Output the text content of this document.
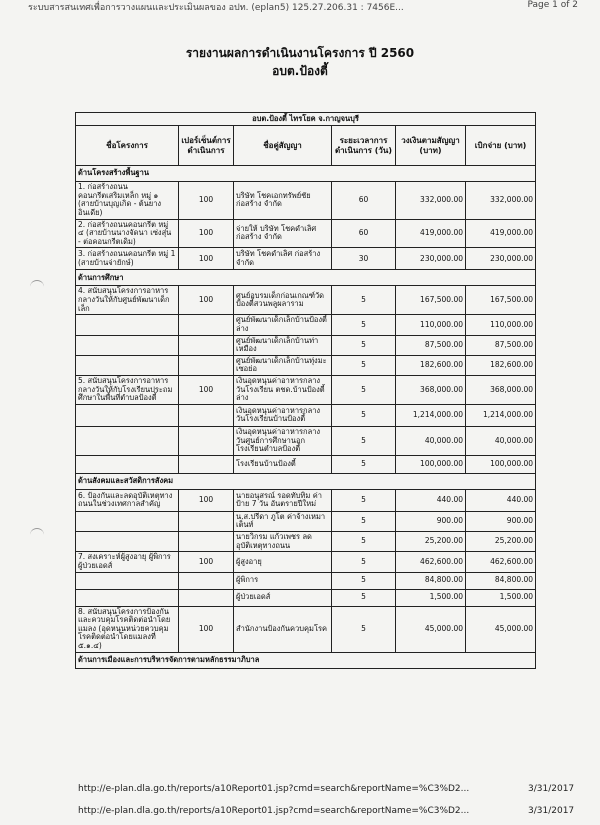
ระบบสารสนเทศเพื่อการวางแผนและประเมินผลของ อปท. (eplan5) 125.27.206.31 : 7456E...	Page 1 of 2
รายงานผลการดำเนินงานโครงการ ปี 2560
อบต.ป้องตี้
อบต.ป้องตี้ ไทรโยค จ.กาญจนบุรี					
ชื่อโครงการ	เปอร์เซ็นต์การดำเนินการ	ชื่อคู่สัญญา	ระยะเวลาการดำเนินการ (วัน)	วงเงินตามสัญญา (บาท)	เบิกจ่าย (บาท)
ด้านโครงสร้างพื้นฐาน					
1. ก่อสร้างถนนคอนกรีตเสริมเหล็ก หมู่ ๑ (สายบ้านบุญเกิด - ต้นยางอินเดีย)	100	บริษัท โชคเอกทรัพย์ชัยก่อสร้าง จำกัด	60	332,000.00	332,000.00
2. ก่อสร้างถนนคอนกรีต หมู่ ๔ (สายบ้านนางจัดนา เซ่งสุ่น - ต่อคอนกรีตเดิม)	100	จ่ายให้ บริษัท โชคดำเลิศ ก่อสร้าง จำกัด	60	419,000.00	419,000.00
3. ก่อสร้างถนนคอนกรีต หมู่ 1 (สายบ้านจ่ายักษ์)	100	บริษัท โชคดำเลิศ ก่อสร้าง จำกัด	30	230,000.00	230,000.00
ด้านการศึกษา					
4. สนับสนุนโครงการอาหารกลางวันให้กับศูนย์พัฒนาเด็กเล็ก	100	ศูนย์อบรมเด็กก่อนเกณฑ์วัดป้องตี้สวนพลูผลาราม	5	167,500.00	167,500.00
		ศูนย์พัฒนาเด็กเล็กบ้านป้องตี้ล่าง	5	110,000.00	110,000.00
		ศูนย์พัฒนาเด็กเล็กบ้านท่าเหมือง	5	87,500.00	87,500.00
		ศูนย์พัฒนาเด็กเล็กบ้านทุ่งมะเซอย่อ	5	182,600.00	182,600.00
5. สนับสนุนโครงการอาหารกลางวันให้กับโรงเรียนประถมศึกษาในพื้นที่ตำบลป้องตี้	100	เงินอุดหนุนค่าอาหารกลางวันโรงเรียน ตชด.บ้านป้องตี้ล่าง	5	368,000.00	368,000.00
		เงินอุดหนุนค่าอาหารกลางวันโรงเรียนบ้านป้องตี้	5	1,214,000.00	1,214,000.00
		เงินอุดหนุนค่าอาหารกลางวันศูนย์การศึกษานอกโรงเรียนตำบลป้องตี้	5	40,000.00	40,000.00
		โรงเรียนบ้านป้องตี้	5	100,000.00	100,000.00
ด้านสังคมและสวัสดิการสังคม					
6. ป้องกันและลดอุบัติเหตุทางถนนในช่วงเทศกาลสำคัญ	100	นายอนุสรณ์ รอดทับทิม ค่าป้าย 7 วัน อันตรายปีใหม่	5	440.00	440.00
		น.ส.ปรีดา ภูโต ค่าจ้างเหมาเต็นท์	5	900.00	900.00
		นายวิกรม แก้วเพชร ลดอุบัติเหตุทางถนน	5	25,200.00	25,200.00
7. สงเคราะห์ผู้สูงอายุ ผู้พิการ ผู้ป่วยเอดส์	100	ผู้สูงอายุ	5	462,600.00	462,600.00
		ผู้พิการ	5	84,800.00	84,800.00
		ผู้ป่วยเอดส์	5	1,500.00	1,500.00
8. สนับสนุนโครงการป้องกันและควบคุมโรคติดต่อนำโดยแมลง (อุดหนุนหน่วยควบคุมโรคติดต่อนำโดยแมลงที่ ๕.๑.๔)	100	สำนักงานป้องกันควบคุมโรค	5	45,000.00	45,000.00
ด้านการเมืองและการบริหารจัดการตามหลักธรรมาภิบาล					
http://e-plan.dla.go.th/reports/a10Report01.jsp?cmd=search&reportName=%C3%D2...	3/31/2017
http://e-plan.dla.go.th/reports/a10Report01.jsp?cmd=search&reportName=%C3%D2...	3/31/2017
